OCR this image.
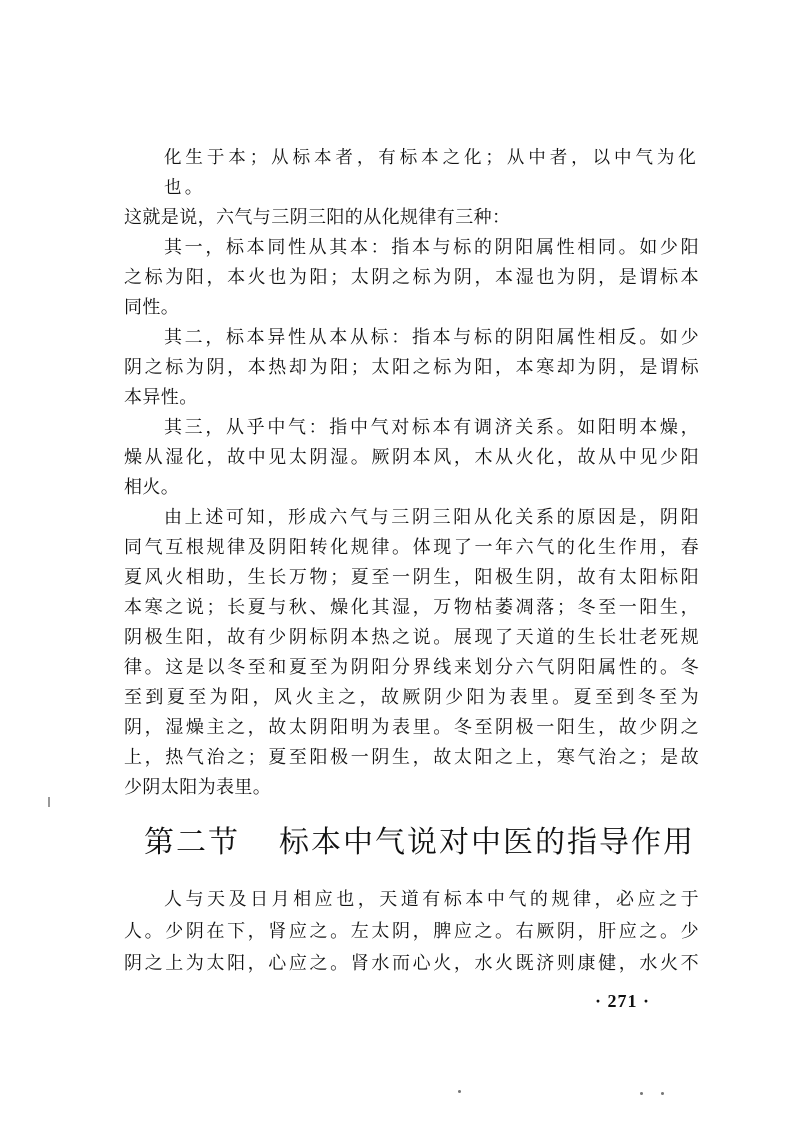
化生于本；从标本者，有标本之化；从中者，以中气为化
也。
这就是说，六气与三阴三阳的从化规律有三种：
其一，标本同性从其本：指本与标的阴阳属性相同。如少阳
之标为阳，本火也为阳；太阴之标为阴，本湿也为阴，是谓标本
同性。
其二，标本异性从本从标：指本与标的阴阳属性相反。如少
阴之标为阴，本热却为阳；太阳之标为阳，本寒却为阴，是谓标
本异性。
其三，从乎中气：指中气对标本有调济关系。如阳明本燥，
燥从湿化，故中见太阴湿。厥阴本风，木从火化，故从中见少阳
相火。
由上述可知，形成六气与三阴三阳从化关系的原因是，阴阳
同气互根规律及阴阳转化规律。体现了一年六气的化生作用，春
夏风火相助，生长万物；夏至一阴生，阳极生阴，故有太阳标阳
本寒之说；长夏与秋、燥化其湿，万物枯萎凋落；冬至一阳生，
阴极生阳，故有少阴标阴本热之说。展现了天道的生长壮老死规
律。这是以冬至和夏至为阴阳分界线来划分六气阴阳属性的。冬
至到夏至为阳，风火主之，故厥阴少阳为表里。夏至到冬至为
阴，湿燥主之，故太阴阳明为表里。冬至阴极一阳生，故少阴之
上，热气治之；夏至阳极一阴生，故太阳之上，寒气治之；是故
少阴太阳为表里。
第二节 标本中气说对中医的指导作用
人与天及日月相应也，天道有标本中气的规律，必应之于
人。少阴在下，肾应之。左太阴，脾应之。右厥阴，肝应之。少
阴之上为太阳，心应之。肾水而心火，水火既济则康健，水火不
· 271 ·
